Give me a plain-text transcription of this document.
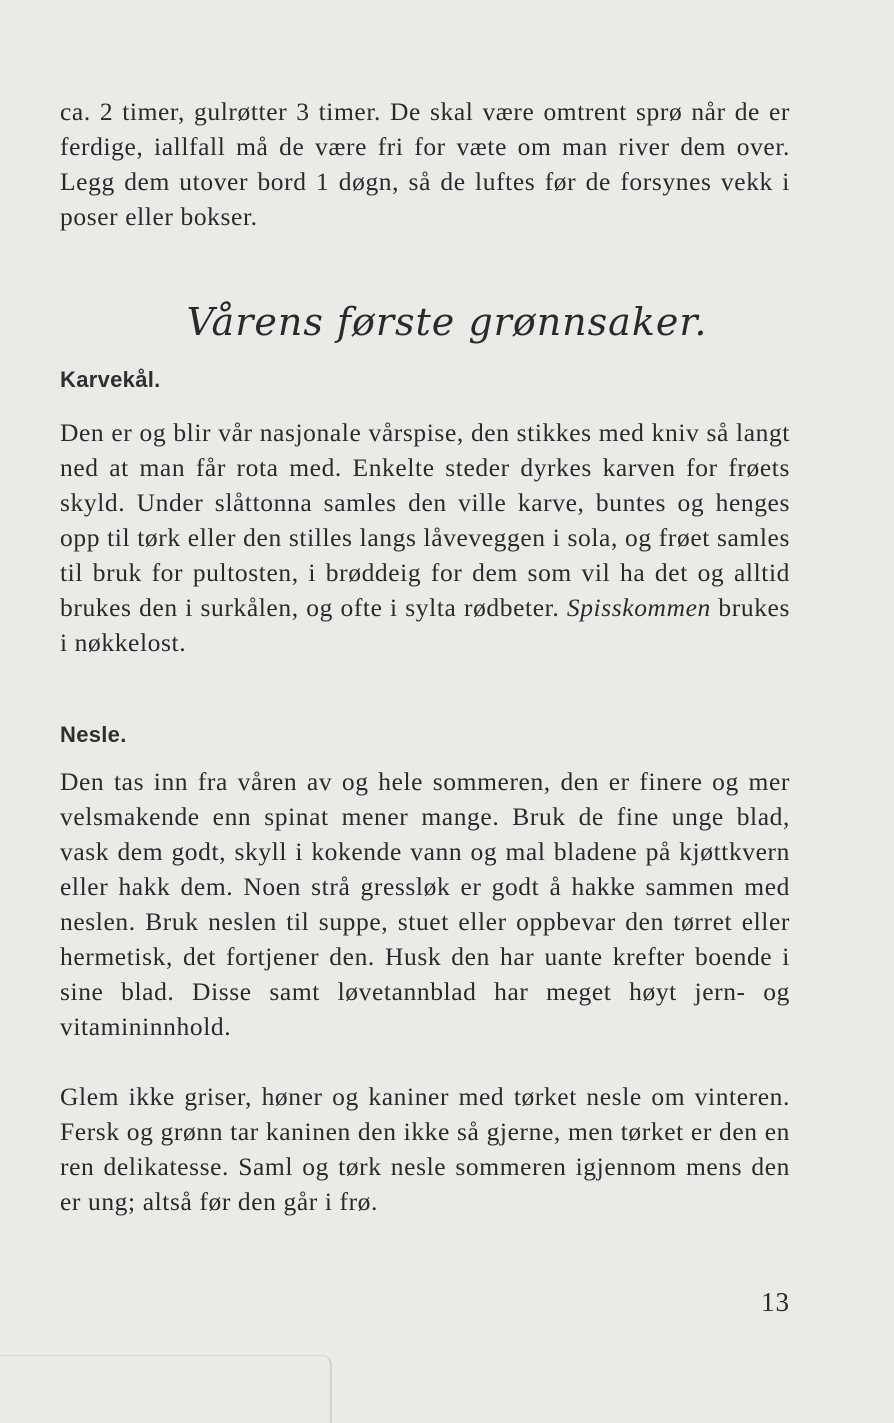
ca. 2 timer, gulrøtter 3 timer. De skal være omtrent sprø når de er ferdige, iallfall må de være fri for væte om man river dem over. Legg dem utover bord 1 døgn, så de luftes før de forsynes vekk i poser eller bokser.

Vårens første grønnsaker.
Karvekål.

Den er og blir vår nasjonale vårspise, den stikkes med kniv så langt ned at man får rota med. Enkelte steder dyrkes karven for frøets skyld. Under slåttonna samles den ville karve, buntes og henges opp til tørk eller den stilles langs låveveggen i sola, og frøet samles til bruk for pultosten, i brøddeig for dem som vil ha det og alltid brukes den i surkålen, og ofte i sylta rødbeter. Spisskommen brukes i nøkkelost.

Nesle.

Den tas inn fra våren av og hele sommeren, den er finere og mer velsmakende enn spinat mener mange. Bruk de fine unge blad, vask dem godt, skyll i kokende vann og mal bladene på kjøttkvern eller hakk dem. Noen strå gressløk er godt å hakke sammen med neslen. Bruk neslen til suppe, stuet eller oppbevar den tørret eller hermetisk, det fortjener den. Husk den har uante krefter boende i sine blad. Disse samt løvetannblad har meget høyt jern- og vitamininnhold.

Glem ikke griser, høner og kaniner med tørket nesle om vinteren. Fersk og grønn tar kaninen den ikke så gjerne, men tørket er den en ren delikatesse. Saml og tørk nesle sommeren igjennom mens den er ung; altså før den går i frø.

13
